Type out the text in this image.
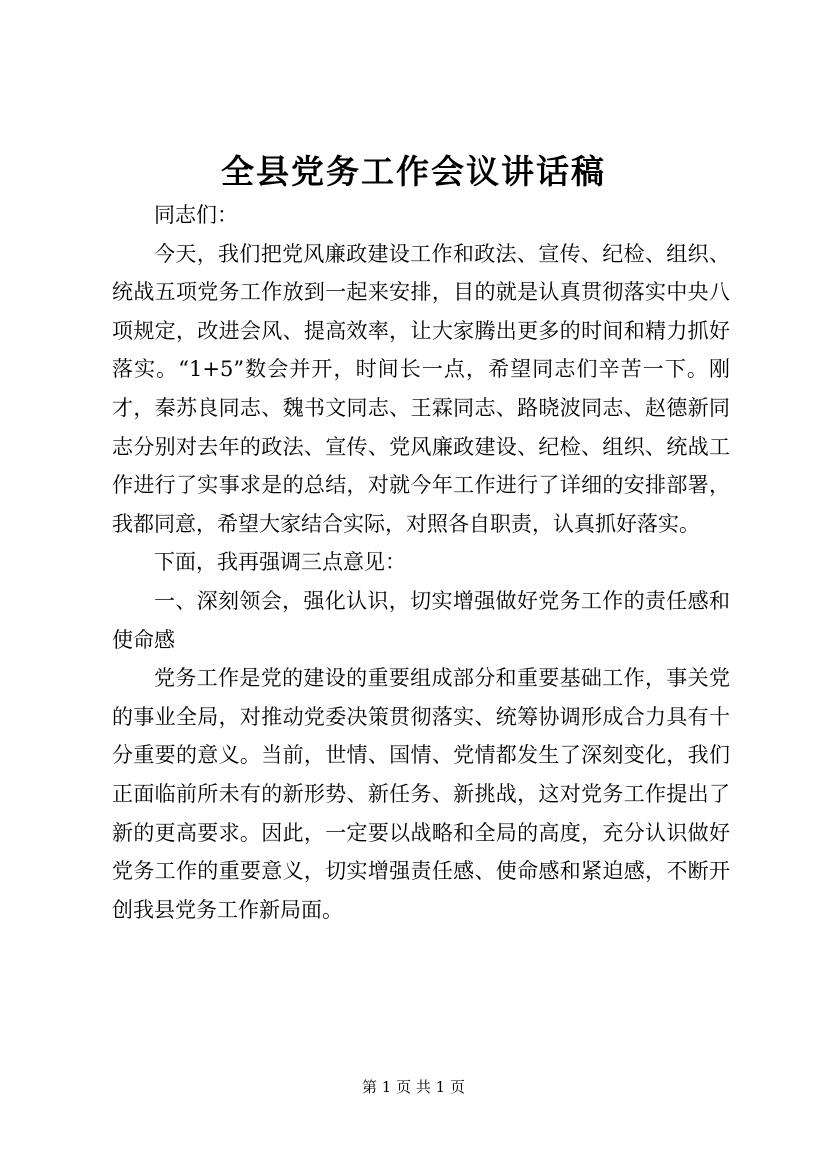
全县党务工作会议讲话稿

同志们：

今天，我们把党风廉政建设工作和政法、宣传、纪检、组织、统战五项党务工作放到一起来安排，目的就是认真贯彻落实中央八项规定，改进会风、提高效率，让大家腾出更多的时间和精力抓好落实。“1+5”数会并开，时间长一点，希望同志们辛苦一下。刚才，秦苏良同志、魏书文同志、王霖同志、路晓波同志、赵德新同志分别对去年的政法、宣传、党风廉政建设、纪检、组织、统战工作进行了实事求是的总结，对就今年工作进行了详细的安排部署，我都同意，希望大家结合实际，对照各自职责，认真抓好落实。

下面，我再强调三点意见：

一、深刻领会，强化认识，切实增强做好党务工作的责任感和使命感

党务工作是党的建设的重要组成部分和重要基础工作，事关党的事业全局，对推动党委决策贯彻落实、统筹协调形成合力具有十分重要的意义。当前，世情、国情、党情都发生了深刻变化，我们正面临前所未有的新形势、新任务、新挑战，这对党务工作提出了新的更高要求。因此，一定要以战略和全局的高度，充分认识做好党务工作的重要意义，切实增强责任感、使命感和紧迫感，不断开创我县党务工作新局面。

第 1 页 共 1 页
